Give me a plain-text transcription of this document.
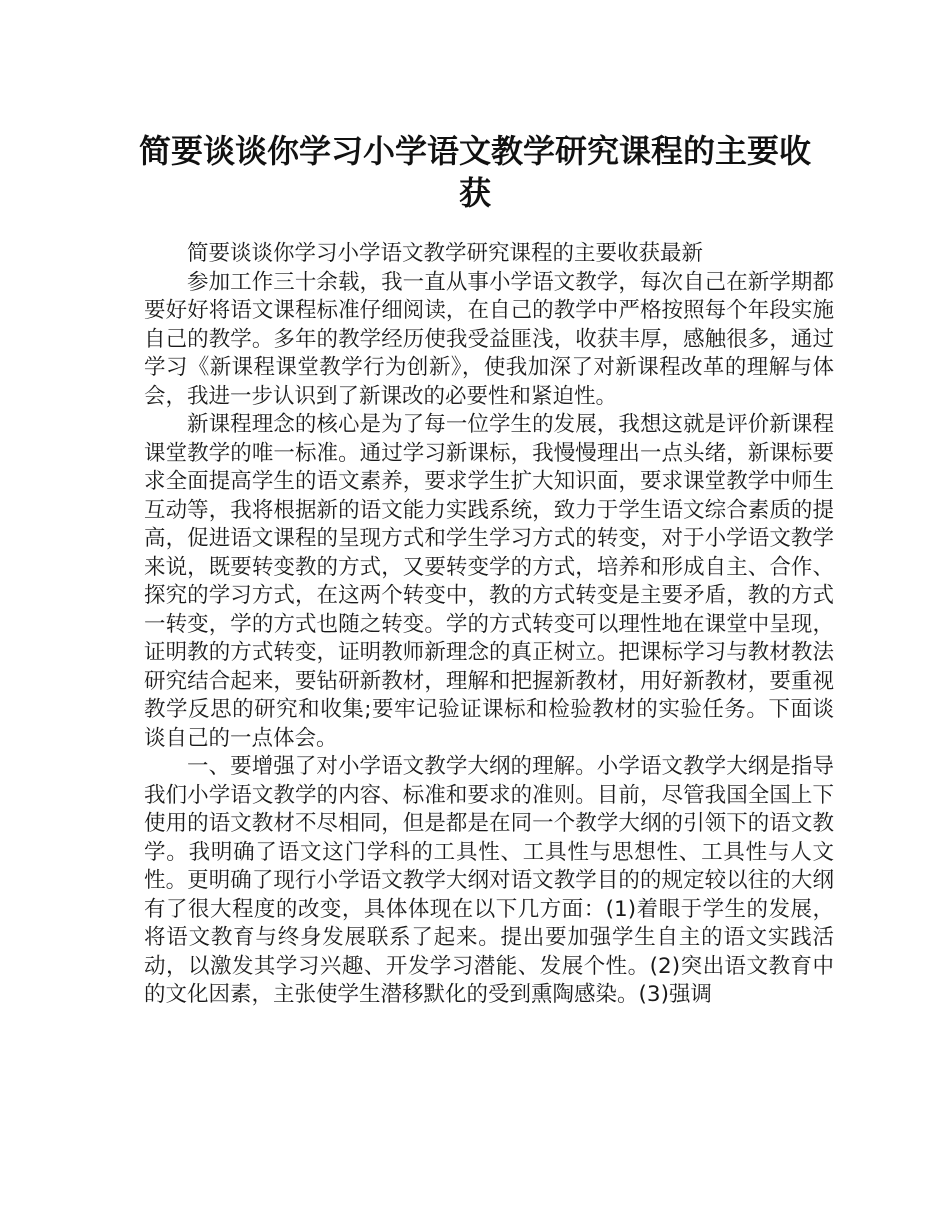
简要谈谈你学习小学语文教学研究课程的主要收获

简要谈谈你学习小学语文教学研究课程的主要收获最新

参加工作三十余载，我一直从事小学语文教学，每次自己在新学期都要好好将语文课程标准仔细阅读，在自己的教学中严格按照每个年段实施自己的教学。多年的教学经历使我受益匪浅，收获丰厚，感触很多，通过学习《新课程课堂教学行为创新》，使我加深了对新课程改革的理解与体会，我进一步认识到了新课改的必要性和紧迫性。

新课程理念的核心是为了每一位学生的发展，我想这就是评价新课程课堂教学的唯一标准。通过学习新课标，我慢慢理出一点头绪，新课标要求全面提高学生的语文素养，要求学生扩大知识面，要求课堂教学中师生互动等，我将根据新的语文能力实践系统，致力于学生语文综合素质的提高，促进语文课程的呈现方式和学生学习方式的转变，对于小学语文教学来说，既要转变教的方式，又要转变学的方式，培养和形成自主、合作、探究的学习方式，在这两个转变中，教的方式转变是主要矛盾，教的方式一转变，学的方式也随之转变。学的方式转变可以理性地在课堂中呈现，证明教的方式转变，证明教师新理念的真正树立。把课标学习与教材教法研究结合起来，要钻研新教材，理解和把握新教材，用好新教材，要重视教学反思的研究和收集;要牢记验证课标和检验教材的实验任务。下面谈谈自己的一点体会。

一、要增强了对小学语文教学大纲的理解。小学语文教学大纲是指导我们小学语文教学的内容、标准和要求的准则。目前，尽管我国全国上下使用的语文教材不尽相同，但是都是在同一个教学大纲的引领下的语文教学。我明确了语文这门学科的工具性、工具性与思想性、工具性与人文性。更明确了现行小学语文教学大纲对语文教学目的的规定较以往的大纲有了很大程度的改变，具体体现在以下几方面：(1)着眼于学生的发展，将语文教育与终身发展联系了起来。提出要加强学生自主的语文实践活动，以激发其学习兴趣、开发学习潜能、发展个性。(2)突出语文教育中的文化因素，主张使学生潜移默化的受到熏陶感染。(3)强调
